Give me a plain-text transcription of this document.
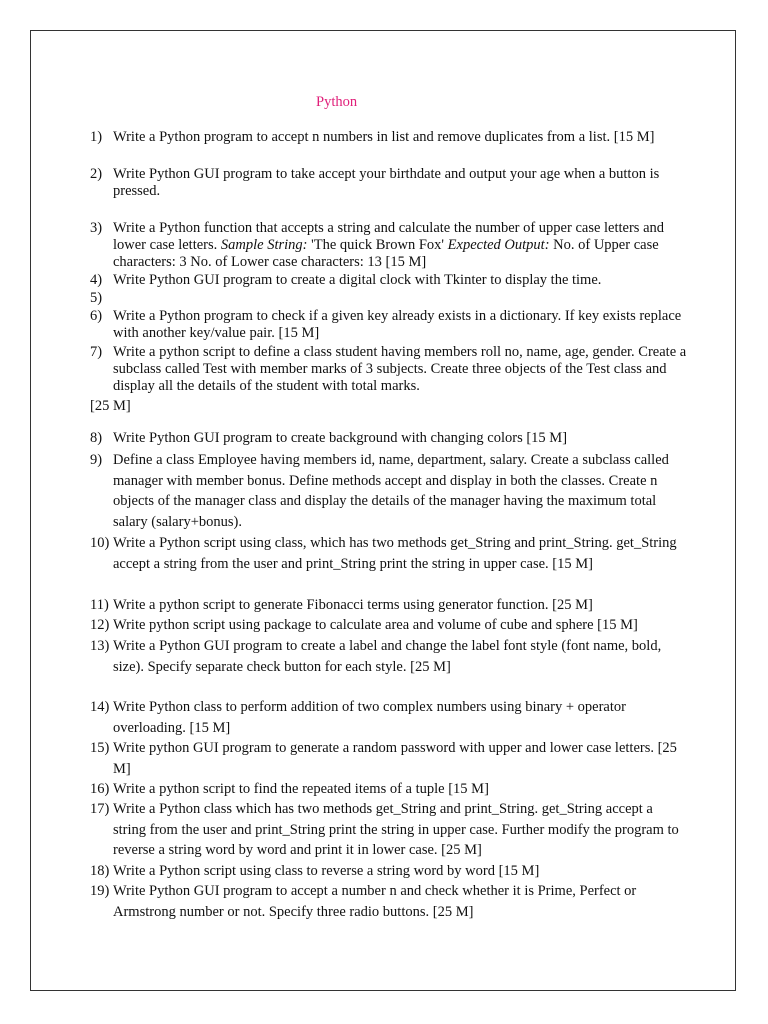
Python
1) Write a Python program to accept n numbers in list and remove duplicates from a list. [15 M]
2) Write Python GUI program to take accept your birthdate and output your age when a button is pressed.
3) Write a Python function that accepts a string and calculate the number of upper case letters and lower case letters. Sample String: 'The quick Brown Fox' Expected Output: No. of Upper case characters: 3 No. of Lower case characters: 13 [15 M]
4) Write Python GUI program to create a digital clock with Tkinter to display the time.
5)
6) Write a Python program to check if a given key already exists in a dictionary. If key exists replace with another key/value pair. [15 M]
7) Write a python script to define a class student having members roll no, name, age, gender. Create a subclass called Test with member marks of 3 subjects. Create three objects of the Test class and display all the details of the student with total marks.
[25 M]
8) Write Python GUI program to create background with changing colors [15 M]
9) Define a class Employee having members id, name, department, salary. Create a subclass called manager with member bonus. Define methods accept and display in both the classes. Create n objects of the manager class and display the details of the manager having the maximum total salary (salary+bonus).
10) Write a Python script using class, which has two methods get_String and print_String. get_String accept a string from the user and print_String print the string in upper case. [15 M]
11) Write a python script to generate Fibonacci terms using generator function. [25 M]
12) Write python script using package to calculate area and volume of cube and sphere [15 M]
13) Write a Python GUI program to create a label and change the label font style (font name, bold, size). Specify separate check button for each style. [25 M]
14) Write Python class to perform addition of two complex numbers using binary + operator overloading. [15 M]
15) Write python GUI program to generate a random password with upper and lower case letters. [25 M]
16) Write a python script to find the repeated items of a tuple [15 M]
17) Write a Python class which has two methods get_String and print_String. get_String accept a string from the user and print_String print the string in upper case. Further modify the program to reverse a string word by word and print it in lower case. [25 M]
18) Write a Python script using class to reverse a string word by word [15 M]
19) Write Python GUI program to accept a number n and check whether it is Prime, Perfect or Armstrong number or not. Specify three radio buttons. [25 M]
